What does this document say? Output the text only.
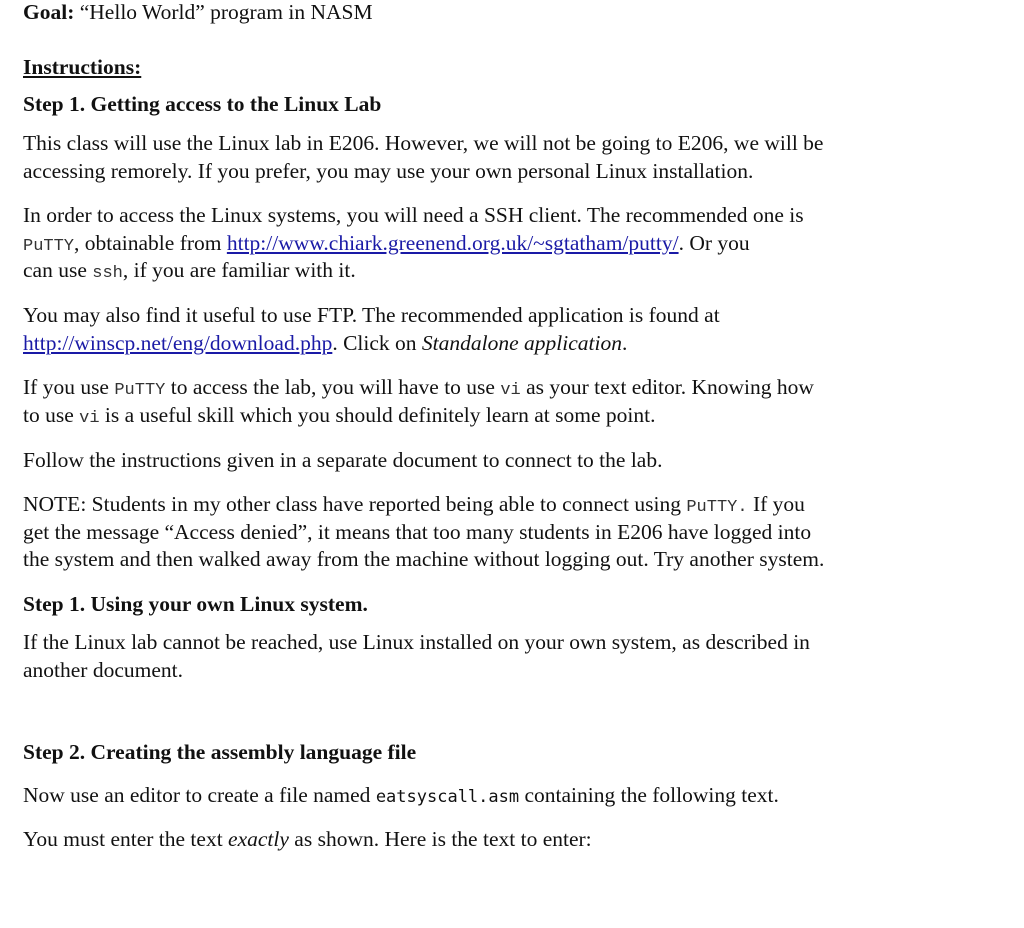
Goal: “Hello World” program in NASM
Instructions:
Step 1. Getting access to the Linux Lab
This class will use the Linux lab in E206. However, we will not be going to E206, we will be
accessing remorely. If you prefer, you may use your own personal Linux installation.
In order to access the Linux systems, you will need a SSH client. The recommended one is
PuTTY, obtainable from http://www.chiark.greenend.org.uk/~sgtatham/putty/. Or you
can use ssh, if you are familiar with it.
You may also find it useful to use FTP. The recommended application is found at
http://winscp.net/eng/download.php. Click on Standalone application.
If you use PuTTY to access the lab, you will have to use vi as your text editor. Knowing how
to use vi is a useful skill which you should definitely learn at some point.
Follow the instructions given in a separate document to connect to the lab.
NOTE: Students in my other class have reported being able to connect using PuTTY. If you
get the message “Access denied”, it means that too many students in E206 have logged into
the system and then walked away from the machine without logging out. Try another system.
Step 1. Using your own Linux system.
If the Linux lab cannot be reached, use Linux installed on your own system, as described in
another document.
Step 2. Creating the assembly language file
Now use an editor to create a file named eatsyscall.asm containing the following text.
You must enter the text exactly as shown. Here is the text to enter:
